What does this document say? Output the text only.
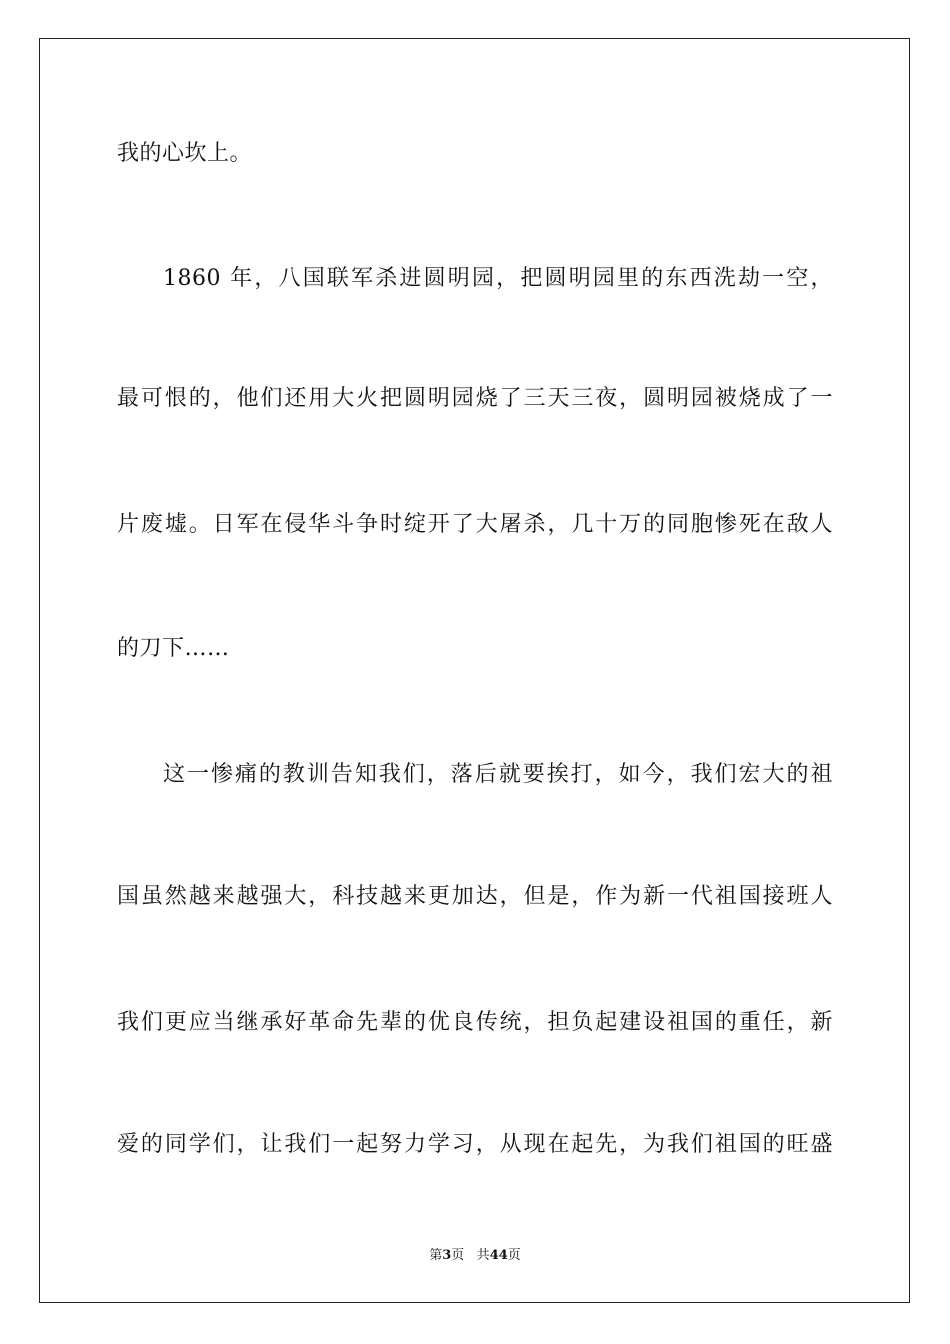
我的心坎上。
1860 年，八国联军杀进圆明园，把圆明园里的东西洗劫一空，
最可恨的，他们还用大火把圆明园烧了三天三夜，圆明园被烧成了一
片废墟。日军在侵华斗争时绽开了大屠杀，几十万的同胞惨死在敌人
的刀下……
这一惨痛的教训告知我们，落后就要挨打，如今，我们宏大的祖
国虽然越来越强大，科技越来更加达，但是，作为新一代祖国接班人
我们更应当继承好革命先辈的优良传统，担负起建设祖国的重任，新
爱的同学们，让我们一起努力学习，从现在起先，为我们祖国的旺盛
第3页 共44页
